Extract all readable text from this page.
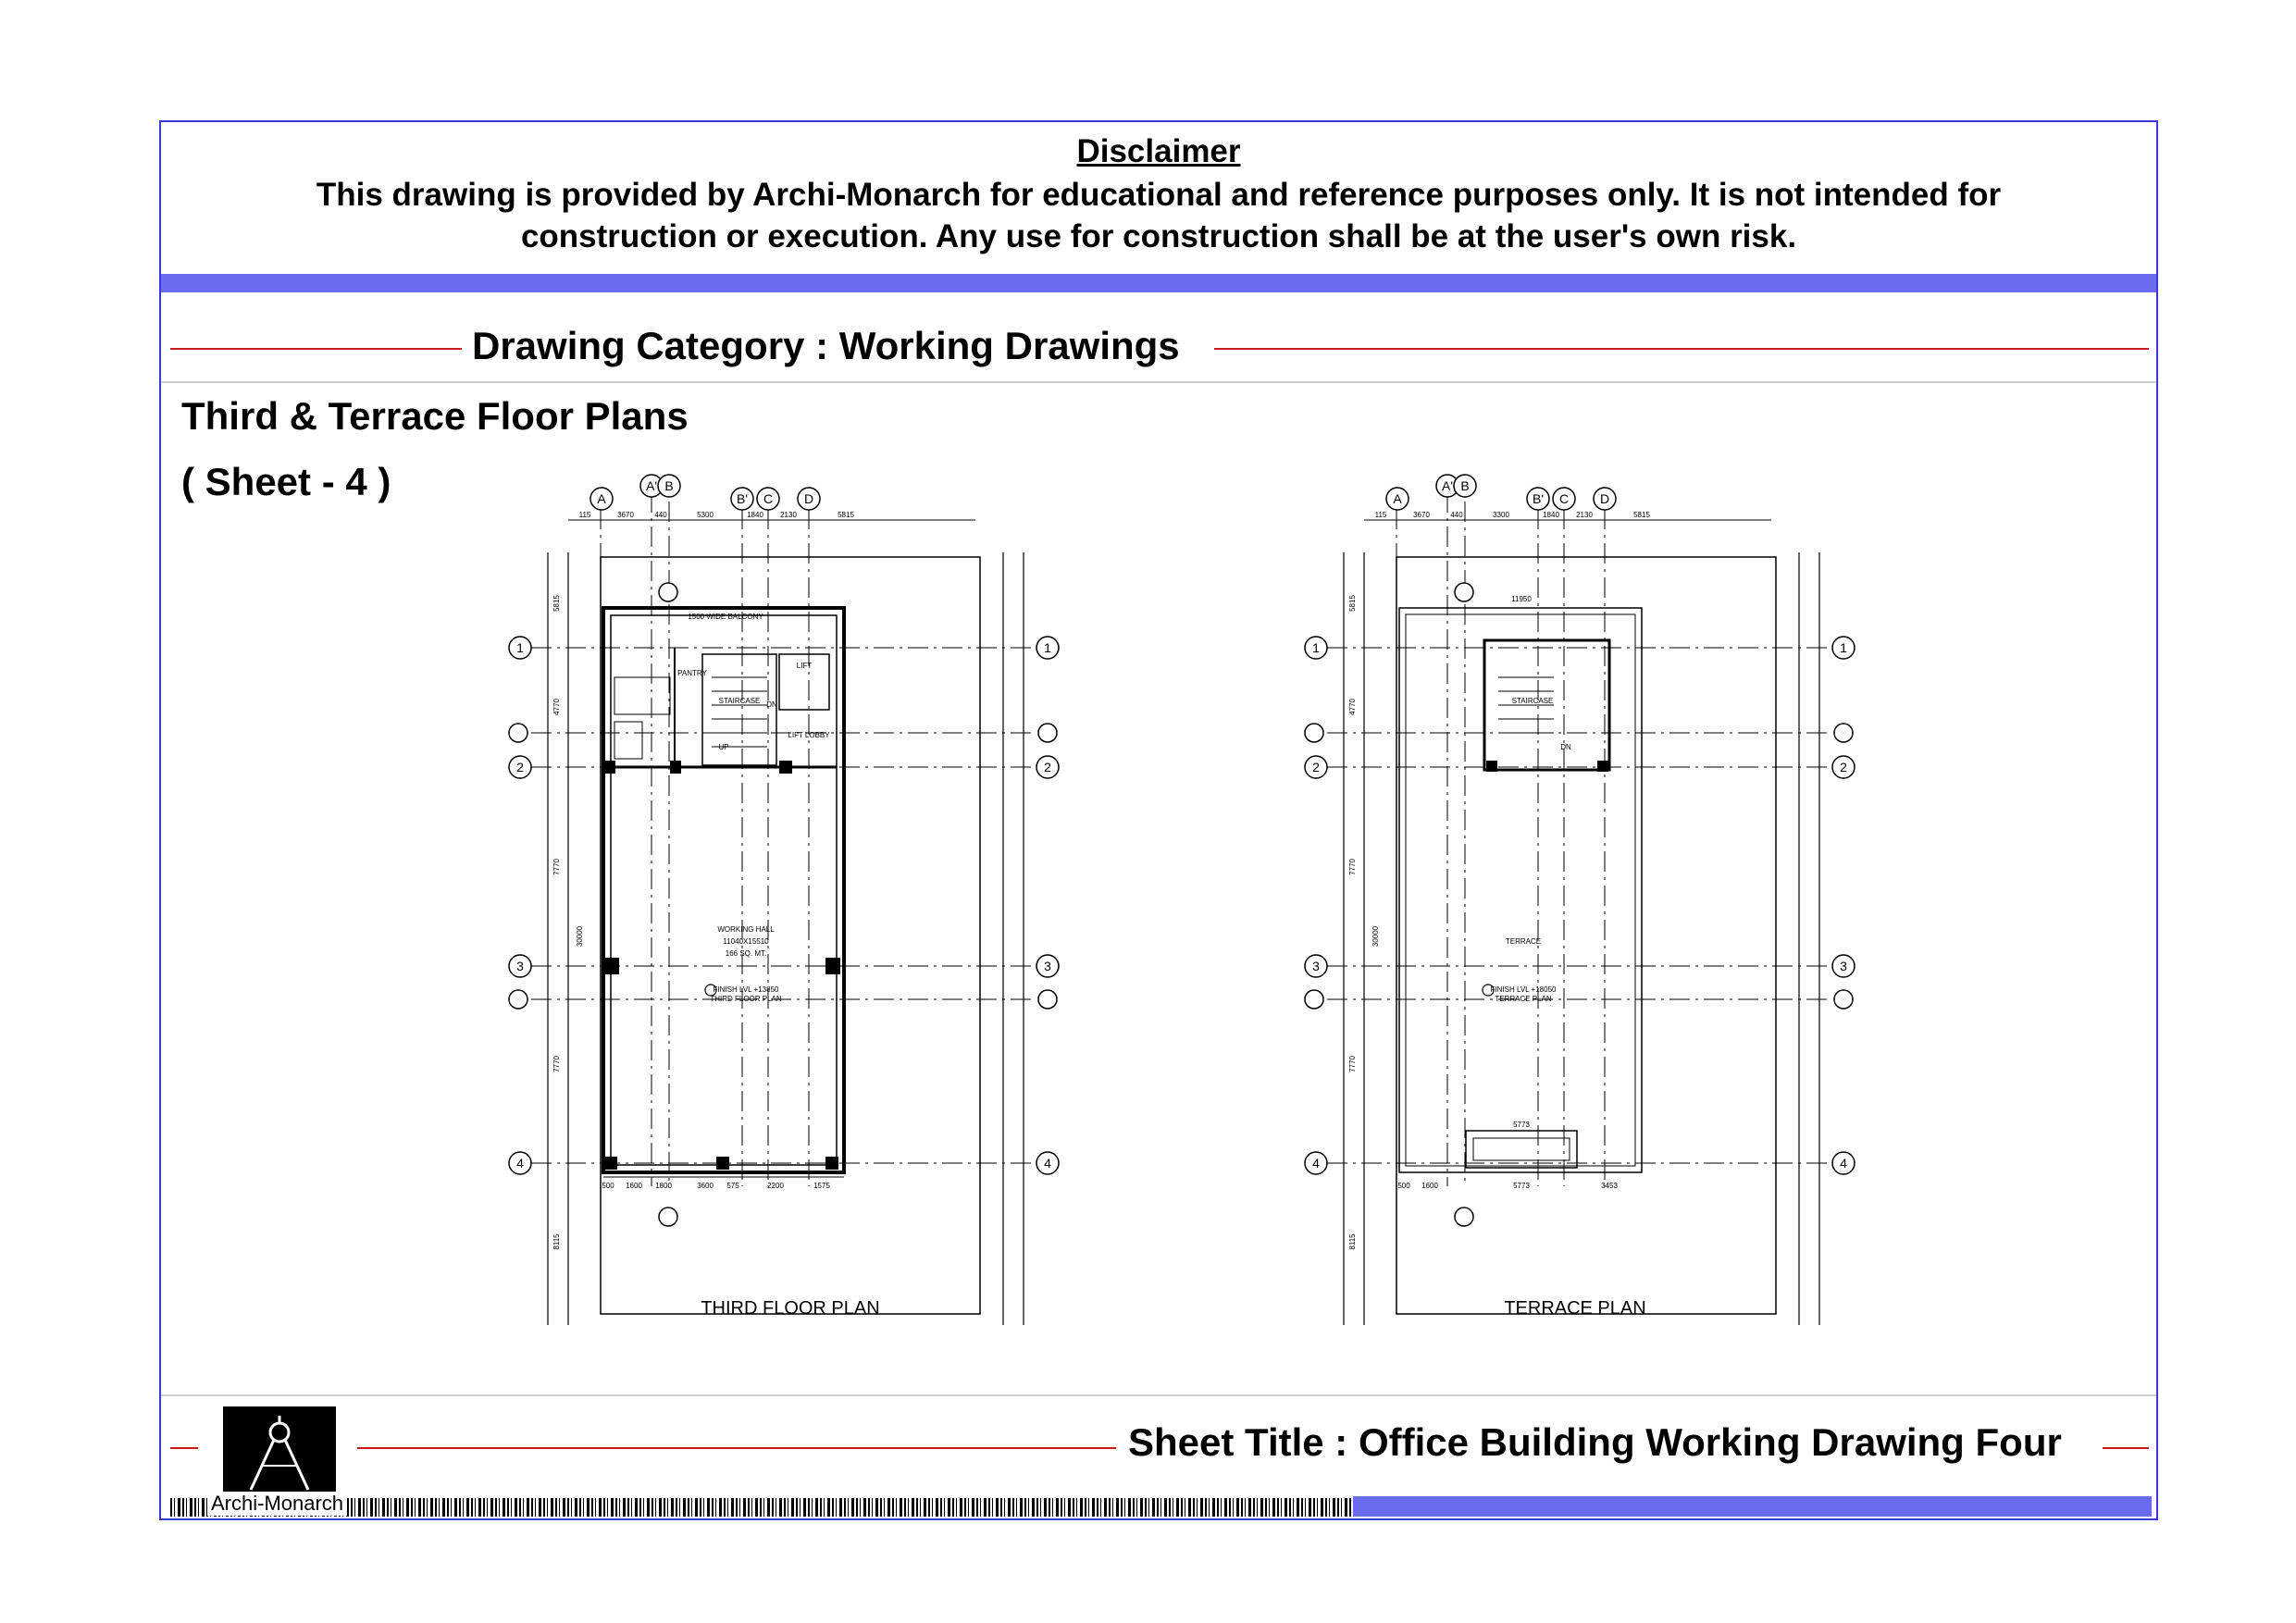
Disclaimer
This drawing is provided by Archi-Monarch for educational and reference purposes only. It is not intended for
construction or execution. Any use for construction shall be at the user's own risk.
Drawing Category : Working Drawings
Third & Terrace Floor Plans
( Sheet - 4 )	A
A' B
B' C D
1
2
3
4
1
2
3
4
115	3670	440	5300	1840 2130	5815
5815
4770
7770
30000
7770
8115
500 1600 1800	3600 575	2200	1575
1500 WIDE BALCONY
PANTRY
STAIRCASE
LIFT
LIFT LOBBY
UP
DN
WORKING HALL
11040X15510
166 SQ. MT.
FINISH LVL +13850
THIRD FLOOR PLAN
THIRD FLOOR PLAN
A
A' B
B' C D
1
2
3
4
1
2
3
4
115	3670	440	3300	1840 2130	5815
11950
5815
4770
7770
30000
7770
8115
500 1600	5773	3453
5773
STAIRCASE
DN
TERRACE
FINISH LVL +18050
TERRACE PLAN
TERRACE PLAN
Sheet Title : Office Building Working Drawing Four
Archi-Monarch
